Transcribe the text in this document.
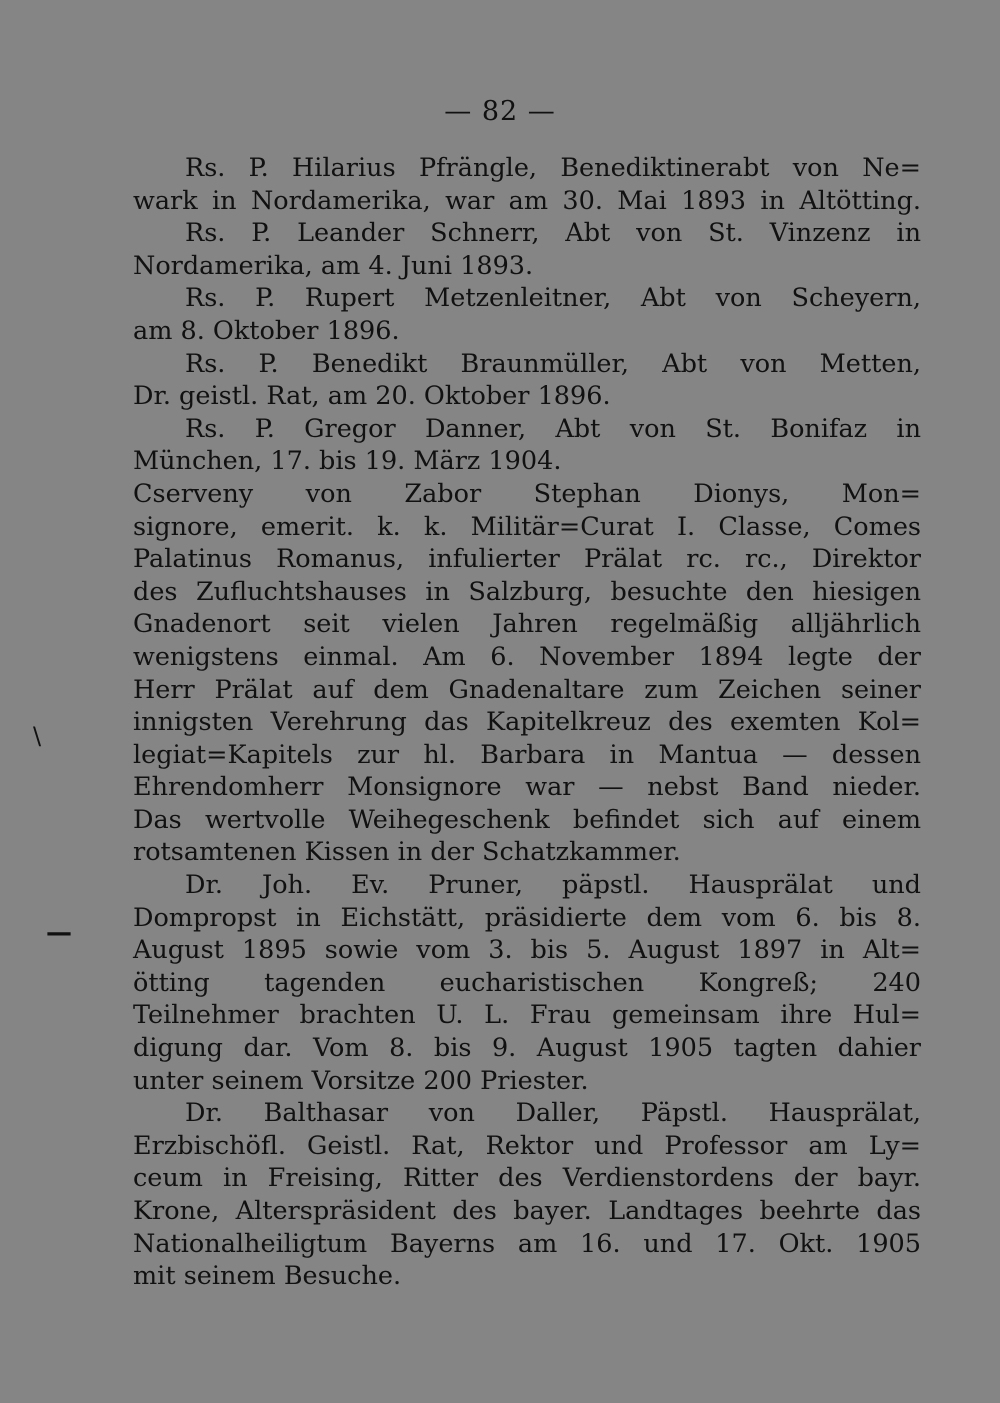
— 82 —
Rs. P. Hilarius Pfrängle, Benediktinerabt von Ne=
wark in Nordamerika, war am 30. Mai 1893 in Altötting.
Rs. P. Leander Schnerr, Abt von St. Vinzenz in
Nordamerika, am 4. Juni 1893.
Rs. P. Rupert Metzenleitner, Abt von Scheyern,
am 8. Oktober 1896.
Rs. P. Benedikt Braunmüller, Abt von Metten,
Dr. geistl. Rat, am 20. Oktober 1896.
Rs. P. Gregor Danner, Abt von St. Bonifaz in
München, 17. bis 19. März 1904.
Cserveny von Zabor Stephan Dionys, Mon=
signore, emerit. k. k. Militär=Curat I. Classe, Comes
Palatinus Romanus, infulierter Prälat rc. rc., Direktor
des Zufluchtshauses in Salzburg, besuchte den hiesigen
Gnadenort seit vielen Jahren regelmäßig alljährlich
wenigstens einmal. Am 6. November 1894 legte der
Herr Prälat auf dem Gnadenaltare zum Zeichen seiner
innigsten Verehrung das Kapitelkreuz des exemten Kol=
legiat=Kapitels zur hl. Barbara in Mantua — dessen
Ehrendomherr Monsignore war — nebst Band nieder.
Das wertvolle Weihegeschenk befindet sich auf einem
rotsamtenen Kissen in der Schatzkammer.
Dr. Joh. Ev. Pruner, päpstl. Hausprälat und
Dompropst in Eichstätt, präsidierte dem vom 6. bis 8.
August 1895 sowie vom 3. bis 5. August 1897 in Alt=
ötting tagenden eucharistischen Kongreß; 240
Teilnehmer brachten U. L. Frau gemeinsam ihre Hul=
digung dar. Vom 8. bis 9. August 1905 tagten dahier
unter seinem Vorsitze 200 Priester.
Dr. Balthasar von Daller, Päpstl. Hausprälat,
Erzbischöfl. Geistl. Rat, Rektor und Professor am Ly=
ceum in Freising, Ritter des Verdienstordens der bayr.
Krone, Alterspräsident des bayer. Landtages beehrte das
Nationalheiligtum Bayerns am 16. und 17. Okt. 1905
mit seinem Besuche.
\
—
